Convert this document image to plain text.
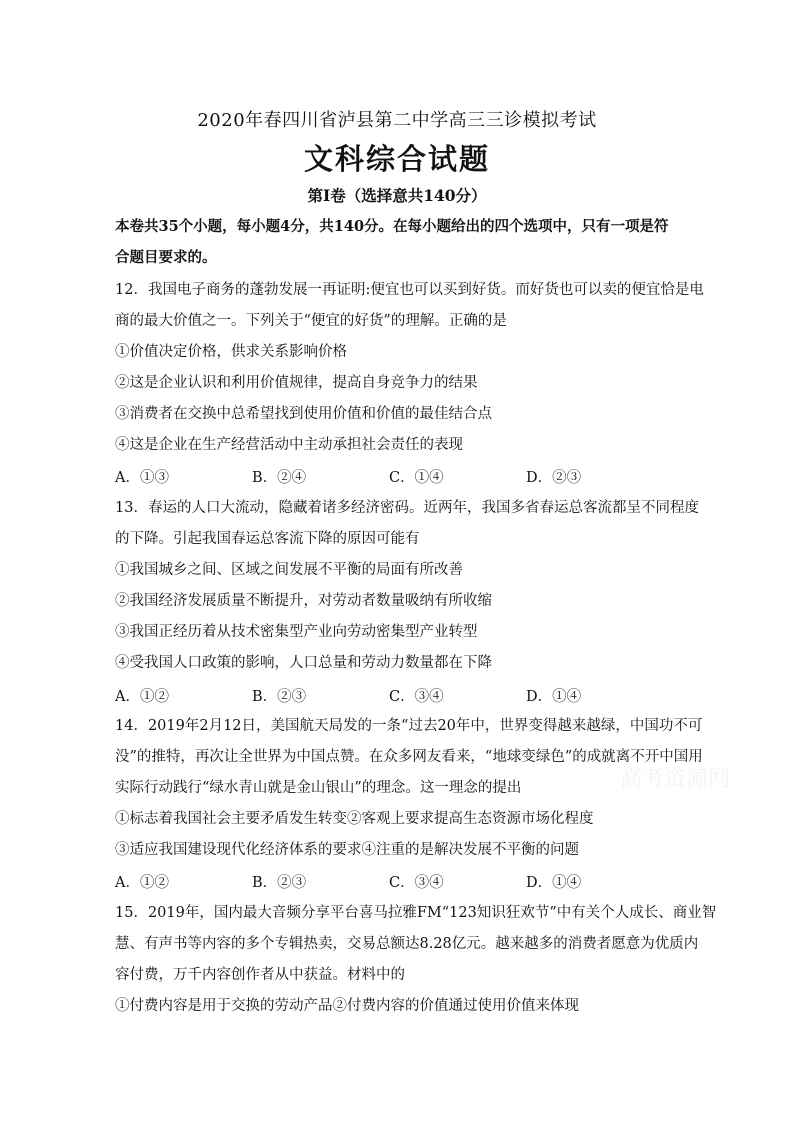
2020年春四川省泸县第二中学高三三诊模拟考试
文科综合试题
第Ⅰ卷（选择意共140分）
本卷共35个小题，每小题4分，共140分。在每小题给出的四个选项中，只有一项是符
合题目要求的。
12．我国电子商务的蓬勃发展一再证明:便宜也可以买到好货。而好货也可以卖的便宜恰是电
商的最大价值之一。下列关于“便宜的好货”的理解。正确的是
①价值决定价格，供求关系影响价格
②这是企业认识和利用价值规律，提高自身竞争力的结果
③消费者在交换中总希望找到使用价值和价值的最佳结合点
④这是企业在生产经营活动中主动承担社会责任的表现
A．①③	B．②④	C．①④	D．②③
13．春运的人口大流动，隐藏着诸多经济密码。近两年，我国多省春运总客流都呈不同程度
的下降。引起我国春运总客流下降的原因可能有
①我国城乡之间、区域之间发展不平衡的局面有所改善
②我国经济发展质量不断提升，对劳动者数量吸纳有所收缩
③我国正经历着从技术密集型产业向劳动密集型产业转型
④受我国人口政策的影响，人口总量和劳动力数量都在下降
A．①②	B．②③	C．③④	D．①④
14．2019年2月12日，美国航天局发的一条“过去20年中，世界变得越来越绿，中国功不可
没”的推特，再次让全世界为中国点赞。在众多网友看来，“地球变绿色”的成就离不开中国用
实际行动践行“绿水青山就是金山银山”的理念。这一理念的提出
①标志着我国社会主要矛盾发生转变②客观上要求提高生态资源市场化程度
③适应我国建设现代化经济体系的要求④注重的是解决发展不平衡的问题
A．①②	B．②③	C．③④	D．①④
15．2019年，国内最大音频分享平台喜马拉雅FM“123知识狂欢节”中有关个人成长、商业智
慧、有声书等内容的多个专辑热卖，交易总额达8.28亿元。越来越多的消费者愿意为优质内
容付费，万千内容创作者从中获益。材料中的
①付费内容是用于交换的劳动产品②付费内容的价值通过使用价值来体现
高考资源网
